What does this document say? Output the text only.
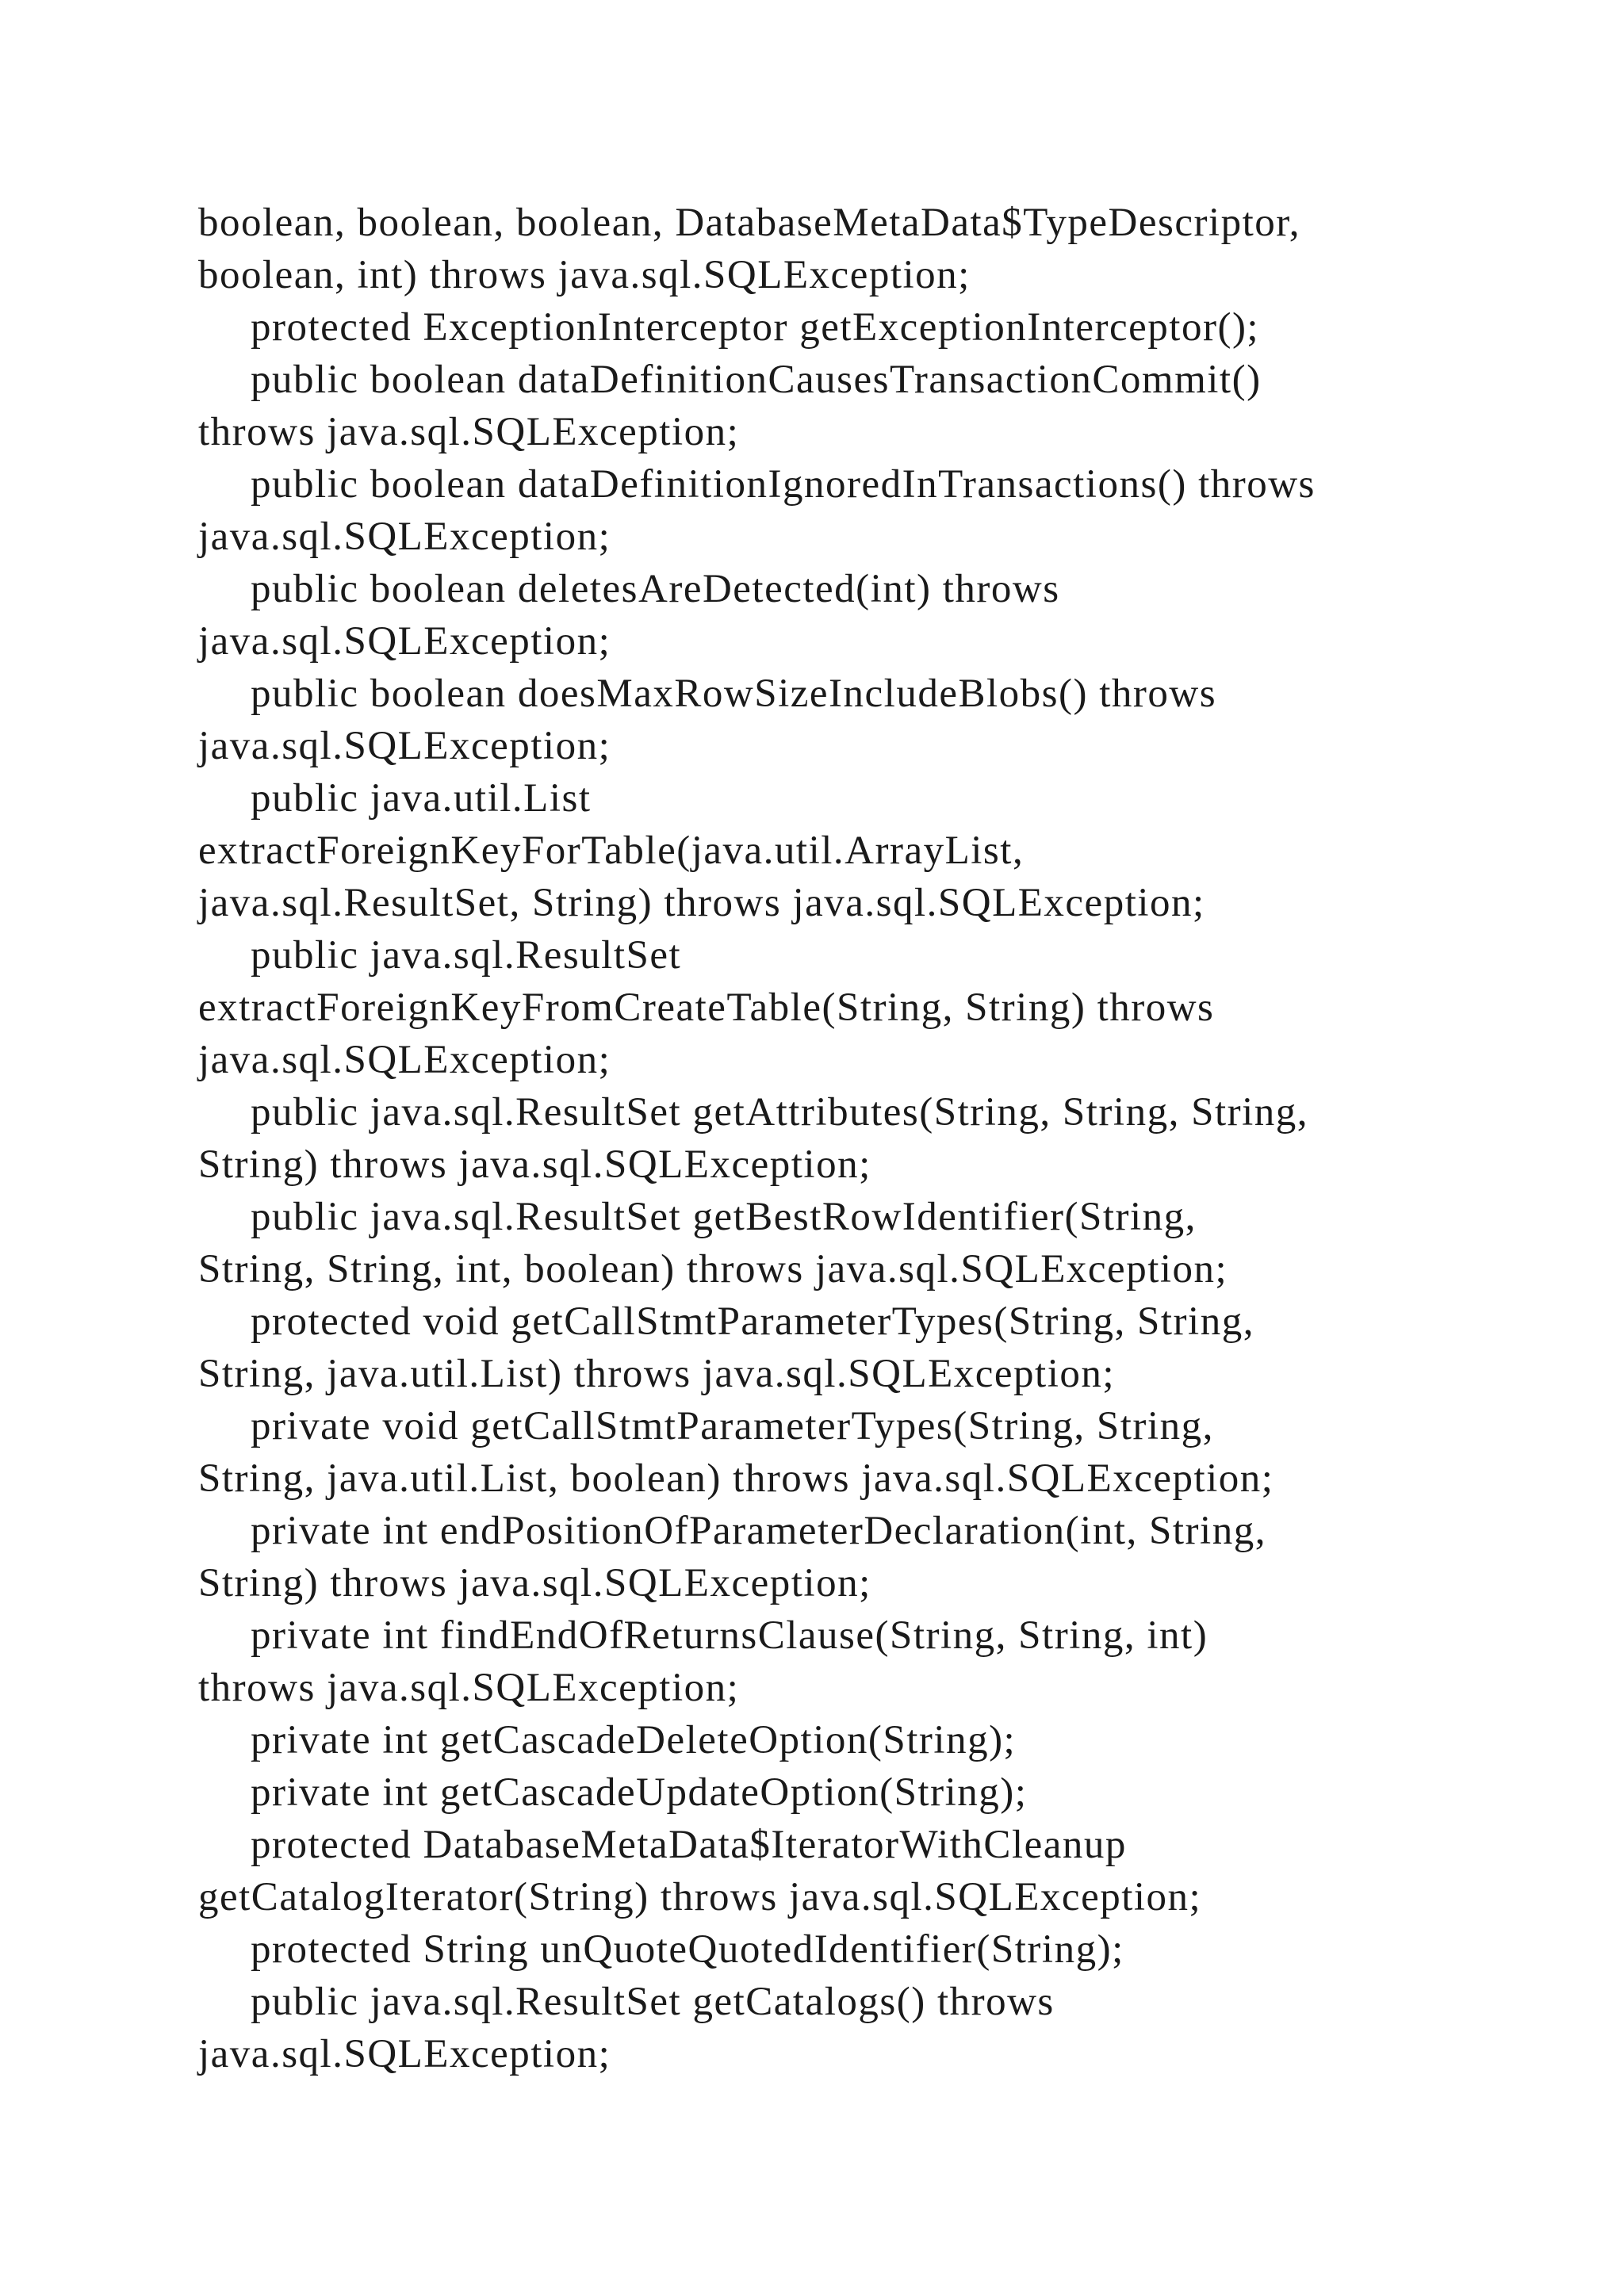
boolean, boolean, boolean, DatabaseMetaData$TypeDescriptor,
boolean, int) throws java.sql.SQLException;
protected ExceptionInterceptor getExceptionInterceptor();
public boolean dataDefinitionCausesTransactionCommit()
throws java.sql.SQLException;
public boolean dataDefinitionIgnoredInTransactions() throws
java.sql.SQLException;
public boolean deletesAreDetected(int) throws
java.sql.SQLException;
public boolean doesMaxRowSizeIncludeBlobs() throws
java.sql.SQLException;
public java.util.List
extractForeignKeyForTable(java.util.ArrayList,
java.sql.ResultSet, String) throws java.sql.SQLException;
public java.sql.ResultSet
extractForeignKeyFromCreateTable(String, String) throws
java.sql.SQLException;
public java.sql.ResultSet getAttributes(String, String, String,
String) throws java.sql.SQLException;
public java.sql.ResultSet getBestRowIdentifier(String,
String, String, int, boolean) throws java.sql.SQLException;
protected void getCallStmtParameterTypes(String, String,
String, java.util.List) throws java.sql.SQLException;
private void getCallStmtParameterTypes(String, String,
String, java.util.List, boolean) throws java.sql.SQLException;
private int endPositionOfParameterDeclaration(int, String,
String) throws java.sql.SQLException;
private int findEndOfReturnsClause(String, String, int)
throws java.sql.SQLException;
private int getCascadeDeleteOption(String);
private int getCascadeUpdateOption(String);
protected DatabaseMetaData$IteratorWithCleanup
getCatalogIterator(String) throws java.sql.SQLException;
protected String unQuoteQuotedIdentifier(String);
public java.sql.ResultSet getCatalogs() throws
java.sql.SQLException;
